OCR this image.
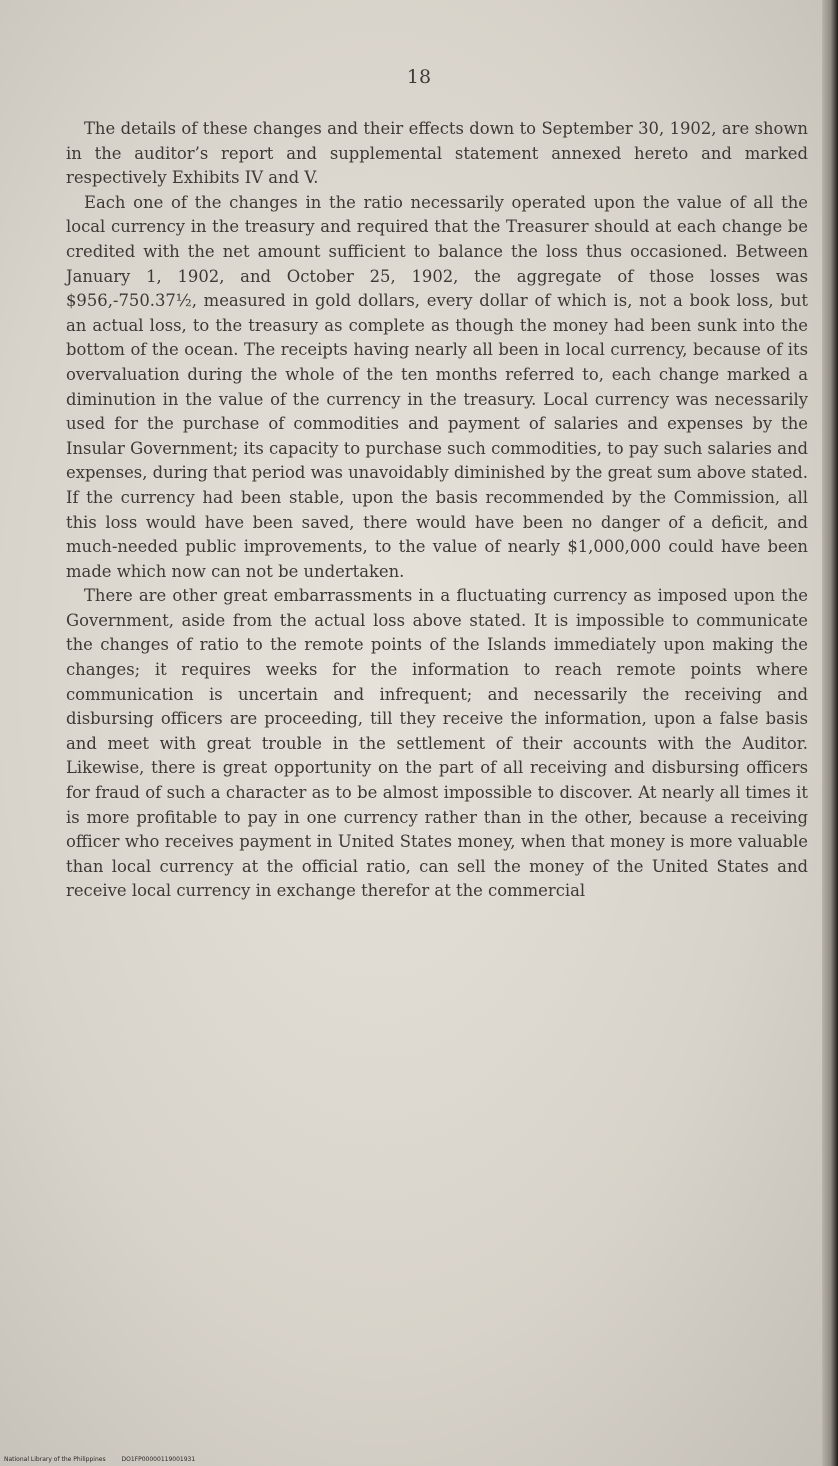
18

The details of these changes and their effects down to September 30, 1902, are shown in the auditor’s report and supplemental statement annexed hereto and marked respectively Exhibits IV and V.

Each one of the changes in the ratio necessarily operated upon the value of all the local currency in the treasury and required that the Treasurer should at each change be credited with the net amount sufficient to balance the loss thus occasioned. Between January 1, 1902, and October 25, 1902, the aggregate of those losses was $956,-750.37½, measured in gold dollars, every dollar of which is, not a book loss, but an actual loss, to the treasury as complete as though the money had been sunk into the bottom of the ocean. The receipts having nearly all been in local currency, because of its overvaluation during the whole of the ten months referred to, each change marked a diminution in the value of the currency in the treasury. Local currency was necessarily used for the purchase of commodities and payment of salaries and expenses by the Insular Government; its capacity to purchase such commodities, to pay such salaries and expenses, during that period was unavoidably diminished by the great sum above stated. If the currency had been stable, upon the basis recommended by the Commission, all this loss would have been saved, there would have been no danger of a deficit, and much-needed public improvements, to the value of nearly $1,000,000 could have been made which now can not be undertaken.

There are other great embarrassments in a fluctuating currency as imposed upon the Government, aside from the actual loss above stated. It is impossible to communicate the changes of ratio to the remote points of the Islands immediately upon making the changes; it requires weeks for the information to reach remote points where communication is uncertain and infrequent; and necessarily the receiving and disbursing officers are proceeding, till they receive the information, upon a false basis and meet with great trouble in the settlement of their accounts with the Auditor. Likewise, there is great opportunity on the part of all receiving and disbursing officers for fraud of such a character as to be almost impossible to discover. At nearly all times it is more profitable to pay in one currency rather than in the other, because a receiving officer who receives payment in United States money, when that money is more valuable than local currency at the official ratio, can sell the money of the United States and receive local currency in exchange therefor at the commercial

National Library of the Philippines	DO1FP00000119001931
